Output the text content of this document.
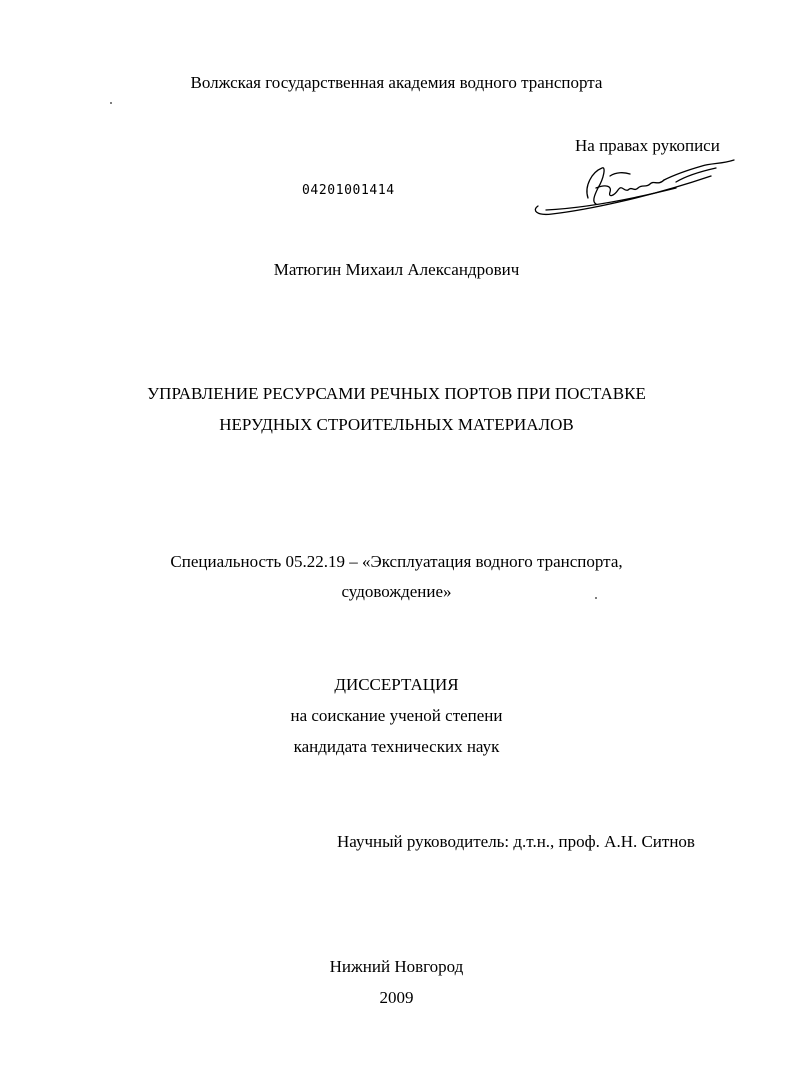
Волжская государственная академия водного транспорта
На правах рукописи
04201001414
Матюгин Михаил Александрович
УПРАВЛЕНИЕ РЕСУРСАМИ РЕЧНЫХ ПОРТОВ ПРИ ПОСТАВКЕ
НЕРУДНЫХ СТРОИТЕЛЬНЫХ МАТЕРИАЛОВ
Специальность 05.22.19 – «Эксплуатация водного транспорта,
судовождение»
ДИССЕРТАЦИЯ
на соискание ученой степени
кандидата технических наук
Научный руководитель: д.т.н., проф. А.Н. Ситнов
Нижний Новгород
2009
